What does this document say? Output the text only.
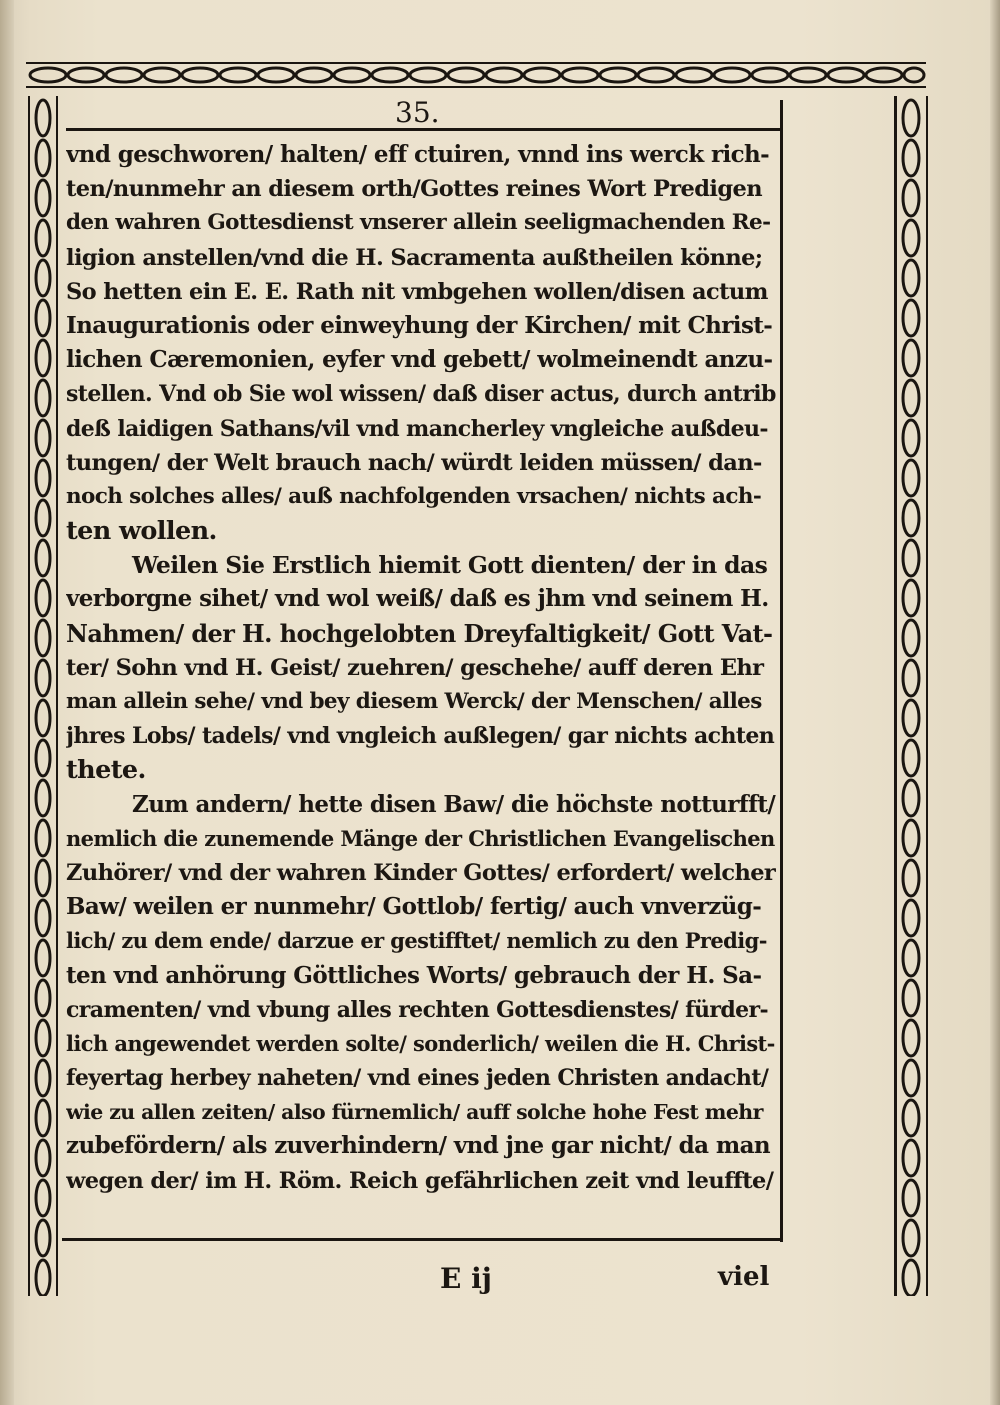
35.
vnd geschworen/ halten/ eff ctuiren, vnnd ins werck rich-
ten/nunmehr an diesem orth/Gottes reines Wort Predigen
den wahren Gottesdienst vnserer allein seeligmachenden Re-
ligion anstellen/vnd die H. Sacramenta außtheilen könne;
So hetten ein E. E. Rath nit vmbgehen wollen/disen actum
Inaugurationis oder einweyhung der Kirchen/ mit Christ-
lichen Cæremonien, eyfer vnd gebett/ wolmeinendt anzu-
stellen. Vnd ob Sie wol wissen/ daß diser actus, durch antrib
deß laidigen Sathans/vil vnd mancherley vngleiche außdeu-
tungen/ der Welt brauch nach/ würdt leiden müssen/ dan-
noch solches alles/ auß nachfolgenden vrsachen/ nichts ach-
ten wollen.
Weilen Sie Erstlich hiemit Gott dienten/ der in das
verborgne sihet/ vnd wol weiß/ daß es jhm vnd seinem H.
Nahmen/ der H. hochgelobten Dreyfaltigkeit/ Gott Vat-
ter/ Sohn vnd H. Geist/ zuehren/ geschehe/ auff deren Ehr
man allein sehe/ vnd bey diesem Werck/ der Menschen/ alles
jhres Lobs/ tadels/ vnd vngleich außlegen/ gar nichts achten
thete.
Zum andern/ hette disen Baw/ die höchste notturfft/
nemlich die zunemende Mänge der Christlichen Evangelischen
Zuhörer/ vnd der wahren Kinder Gottes/ erfordert/ welcher
Baw/ weilen er nunmehr/ Gottlob/ fertig/ auch vnverzüg-
lich/ zu dem ende/ darzue er gestifftet/ nemlich zu den Predig-
ten vnd anhörung Göttliches Worts/ gebrauch der H. Sa-
cramenten/ vnd vbung alles rechten Gottesdienstes/ fürder-
lich angewendet werden solte/ sonderlich/ weilen die H. Christ-
feyertag herbey naheten/ vnd eines jeden Christen andacht/
wie zu allen zeiten/ also fürnemlich/ auff solche hohe Fest mehr
zubefördern/ als zuverhindern/ vnd jne gar nicht/ da man
wegen der/ im H. Röm. Reich gefährlichen zeit vnd leuffte/
E ij	viel
